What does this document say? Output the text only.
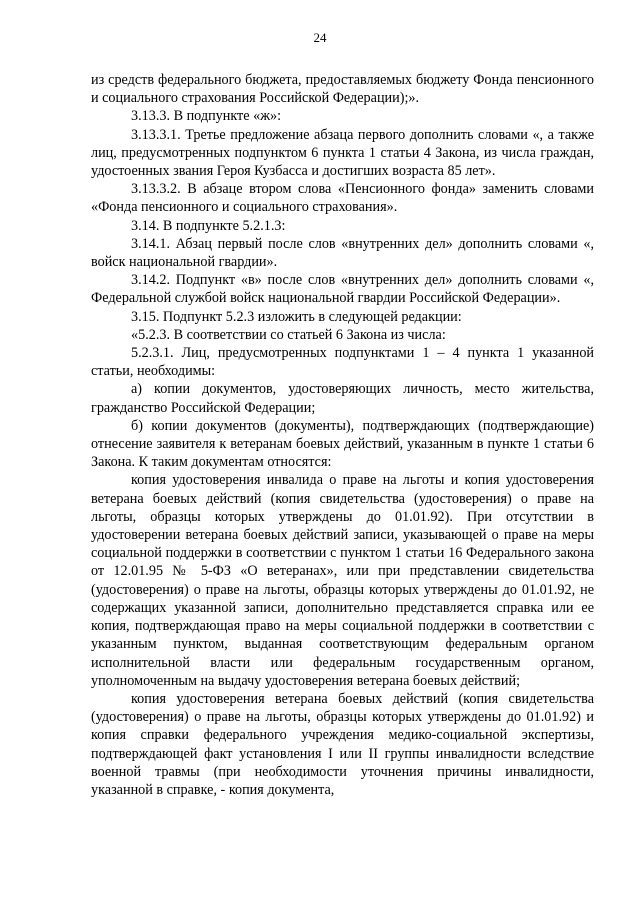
24

из средств федерального бюджета, предоставляемых бюджету Фонда пенсионного и социального страхования Российской Федерации);».

3.13.3. В подпункте «ж»:

3.13.3.1. Третье предложение абзаца первого дополнить словами «, а также лиц, предусмотренных подпунктом 6 пункта 1 статьи 4 Закона, из числа граждан, удостоенных звания Героя Кузбасса и достигших возраста 85 лет».

3.13.3.2. В абзаце втором слова «Пенсионного фонда» заменить словами «Фонда пенсионного и социального страхования».

3.14. В подпункте 5.2.1.3:

3.14.1. Абзац первый после слов «внутренних дел» дополнить словами «, войск национальной гвардии».

3.14.2. Подпункт «в» после слов «внутренних дел» дополнить словами «, Федеральной службой войск национальной гвардии Российской Федерации».

3.15. Подпункт 5.2.3 изложить в следующей редакции:

«5.2.3. В соответствии со статьей 6 Закона из числа:

5.2.3.1. Лиц, предусмотренных подпунктами 1 – 4 пункта 1 указанной статьи, необходимы:

а) копии документов, удостоверяющих личность, место жительства, гражданство Российской Федерации;

б) копии документов (документы), подтверждающих (подтверждающие) отнесение заявителя к ветеранам боевых действий, указанным в пункте 1 статьи 6 Закона. К таким документам относятся:

копия удостоверения инвалида о праве на льготы и копия удостоверения ветерана боевых действий (копия свидетельства (удостоверения) о праве на льготы, образцы которых утверждены до 01.01.92). При отсутствии в удостоверении ветерана боевых действий записи, указывающей о праве на меры социальной поддержки в соответствии с пунктом 1 статьи 16 Федерального закона от 12.01.95 № 5-ФЗ «О ветеранах», или при представлении свидетельства (удостоверения) о праве на льготы, образцы которых утверждены до 01.01.92, не содержащих указанной записи, дополнительно представляется справка или ее копия, подтверждающая право на меры социальной поддержки в соответствии с указанным пунктом, выданная соответствующим федеральным органом исполнительной власти или федеральным государственным органом, уполномоченным на выдачу удостоверения ветерана боевых действий;

копия удостоверения ветерана боевых действий (копия свидетельства (удостоверения) о праве на льготы, образцы которых утверждены до 01.01.92) и копия справки федерального учреждения медико-социальной экспертизы, подтверждающей факт установления I или II группы инвалидности вследствие военной травмы (при необходимости уточнения причины инвалидности, указанной в справке, - копия документа,
